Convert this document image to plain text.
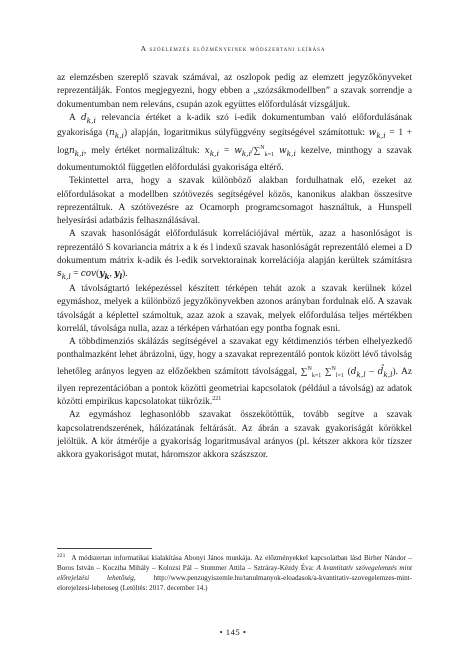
A szóelemzés előzményeinek módszertani leírása

az elemzésben szereplő szavak számával, az oszlopok pedig az elemzett jegyzőkönyveket reprezentálják. Fontos megjegyezni, hogy ebben a „szózsákmodellben” a szavak sorrendje a dokumentumban nem releváns, csupán azok együttes előfordulását vizsgáljuk.

A $d_{k,i}$ relevancia értéket a k-adik szó i-edik dokumentumban való előfordulásának gyakorisága $(n_{k,i})$ alapján, logaritmikus súlyfüggvény segítségével számítottuk: $w_{k,i} = 1 + \log n_{k,i}$, mely értéket normalizáltuk: $x_{k,i} = w_{k,i}/\sum^N_{k=1}$ $w_{k,i}$ kezelve, minthogy a szavak dokumentumoktól független előfordulási gyakorisága eltérő.

Tekintettel arra, hogy a szavak különböző alakban fordulhatnak elő, ezeket az előfordulásokat a modellben szótövezés segítségével közös, kanonikus alakban összesítve reprezentáltuk. A szótövezésre az Ocamorph programcsomagot használtuk, a Hunspell helyesírási adatbázis felhasználásával.

A szavak hasonlóságát előfordulásuk korrelációjával mértük, azaz a hasonlóságot is reprezentáló S kovariancia mátrix a k és l indexű szavak hasonlóságát reprezentáló elemei a D dokumentum mátrix k-adik és l-edik sorvektorainak korrelációja alapján kerültek számításra $s_{k,l} = cov(y_k$, $y_l$).

A távolságtartó leképezéssel készített térképen tehát azok a szavak kerülnek közel egymáshoz, melyek a különböző jegyzőkönyvekben azonos arányban fordulnak elő. A szavak távolságát a képlettel számoltuk, azaz azok a szavak, melyek előfordulása teljes mértékben korrelál, távolsága nulla, azaz a térképen várhatóan egy pontba fognak esni.

A többdimenziós skálázás segítségével a szavakat egy kétdimenziós térben elhelyezkedő ponthalmazként lehet ábrázolni, úgy, hogy a szavakat reprezentáló pontok között lévő távolság lehetőleg arányos legyen az előzőekben számított távolsággal, ∑$^N_{k=1}$ ∑$^N_{l=1}$ ($d_{k,l}$ – $d̂_{k,l}$). Az ilyen reprezentációban a pontok közötti geometriai kapcsolatok (például a távolság) az adatok közötti empirikus kapcsolatokat tükrözik.$^{221}$

Az egymáshoz leghasonlóbb szavakat összekötöttük, tovább segítve a szavak kapcsolatrendszerének, hálózatának feltárását. Az ábrán a szavak gyakoriságát körökkel jelöltük. A kör átmérője a gyakoriság logaritmusával arányos (pl. kétszer akkora kör tízszer akkora gyakoriságot mutat, háromszor akkora szászszor.

$^{221}$ A módszertan informatikai kialakítása Abonyi János munkája. Az előzményekkel kapcsolatban lásd Birher Nándor – Boros István – Kocziha Mihály – Kolozsi Pál – Stummer Attila – Sztráray-Kézdy Éva: A kvantitatív szövegelemzés mint előrejelzési lehetőség, http://www.penzugyiszemle.hu/tanulmanyok-eloadasok/a-kvantitativ-szovegelemzes-mint-elorejelzesi-lehetoseg (Letöltés: 2017. december 14.)
• 145 •
